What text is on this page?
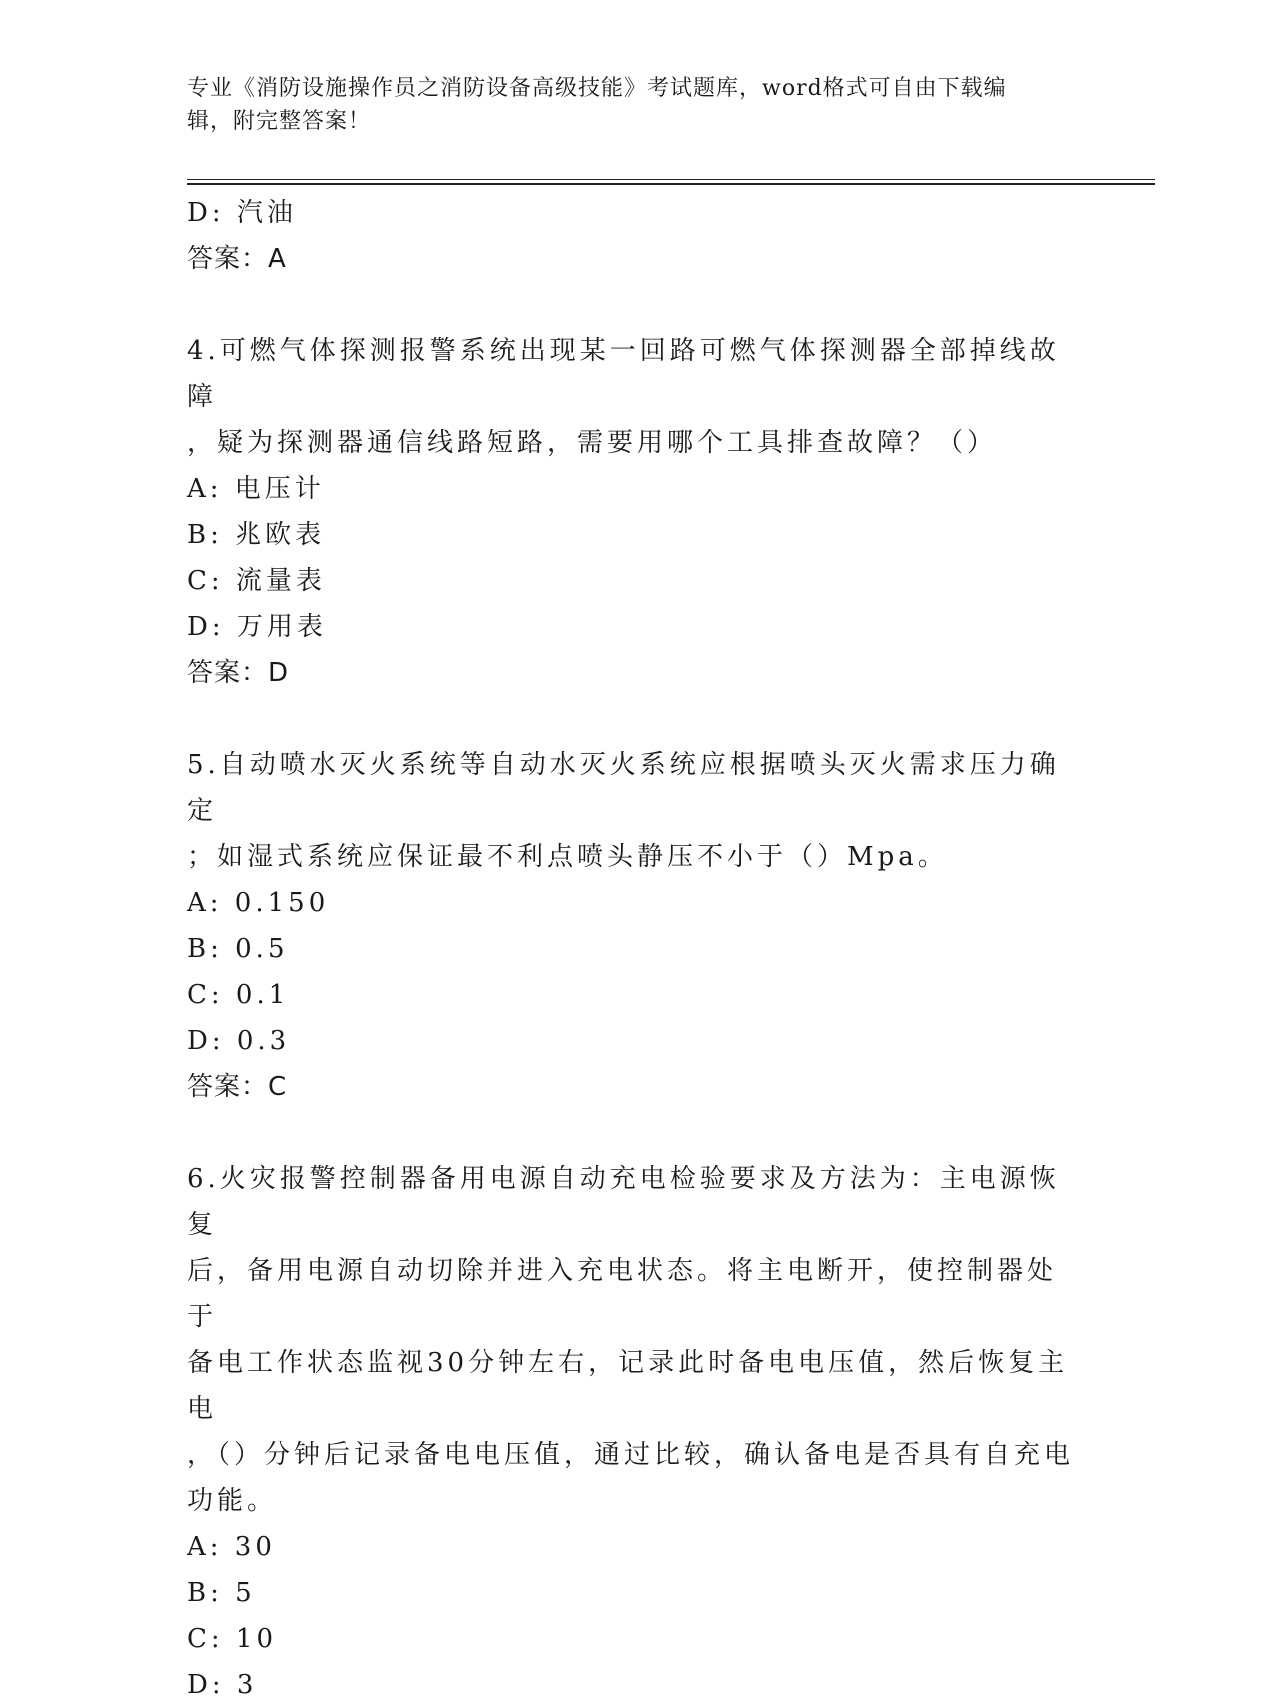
专业《消防设施操作员之消防设备高级技能》考试题库，word格式可自由下载编
辑，附完整答案！
D: 汽油
答案：A
4.可燃气体探测报警系统出现某一回路可燃气体探测器全部掉线故障
，疑为探测器通信线路短路，需要用哪个工具排查故障？（）
A: 电压计
B: 兆欧表
C: 流量表
D: 万用表
答案：D
5.自动喷水灭火系统等自动水灭火系统应根据喷头灭火需求压力确定
；如湿式系统应保证最不利点喷头静压不小于（）Mpa。
A: 0.150
B: 0.5
C: 0.1
D: 0.3
答案：C
6.火灾报警控制器备用电源自动充电检验要求及方法为：主电源恢复
后，备用电源自动切除并进入充电状态。将主电断开，使控制器处于
备电工作状态监视30分钟左右，记录此时备电电压值，然后恢复主电
，（）分钟后记录备电电压值，通过比较，确认备电是否具有自充电
功能。
A: 30
B: 5
C: 10
D: 3
